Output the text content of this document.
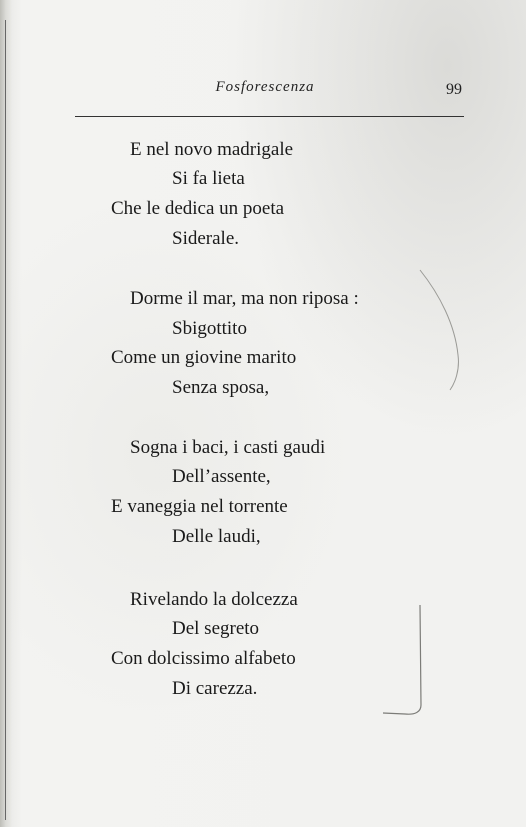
Fosforescenza	99
E nel novo madrigale
Si fa lieta
Che le dedica un poeta
Siderale.
Dorme il mar, ma non riposa :
Sbigottito
Come un giovine marito
Senza sposa,
Sogna i baci, i casti gaudi
Dell’assente,
E vaneggia nel torrente
Delle laudi,
Rivelando la dolcezza
Del segreto
Con dolcissimo alfabeto
Di carezza.
